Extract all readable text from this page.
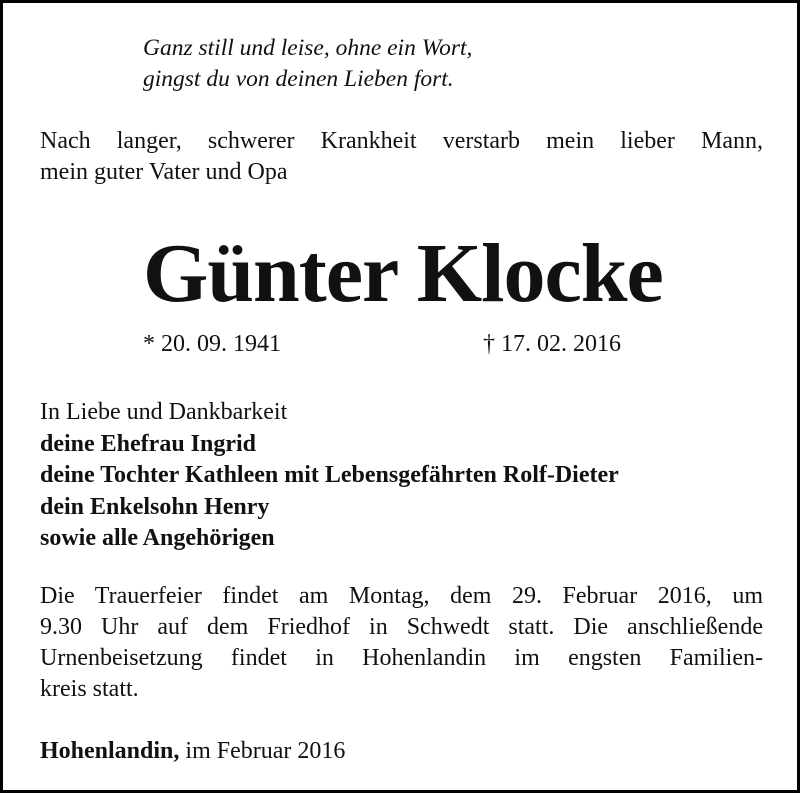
Ganz still und leise, ohne ein Wort,
gingst du von deinen Lieben fort.
Nach langer, schwerer Krankheit verstarb mein lieber Mann,
mein guter Vater und Opa
Günter Klocke
* 20. 09. 1941	† 17. 02. 2016
In Liebe und Dankbarkeit
deine Ehefrau Ingrid
deine Tochter Kathleen mit Lebensgefährten Rolf-Dieter
dein Enkelsohn Henry
sowie alle Angehörigen
Die Trauerfeier findet am Montag, dem 29. Februar 2016, um
9.30 Uhr auf dem Friedhof in Schwedt statt. Die anschließende
Urnenbeisetzung findet in Hohenlandin im engsten Familien-
kreis statt.
Hohenlandin, im Februar 2016
